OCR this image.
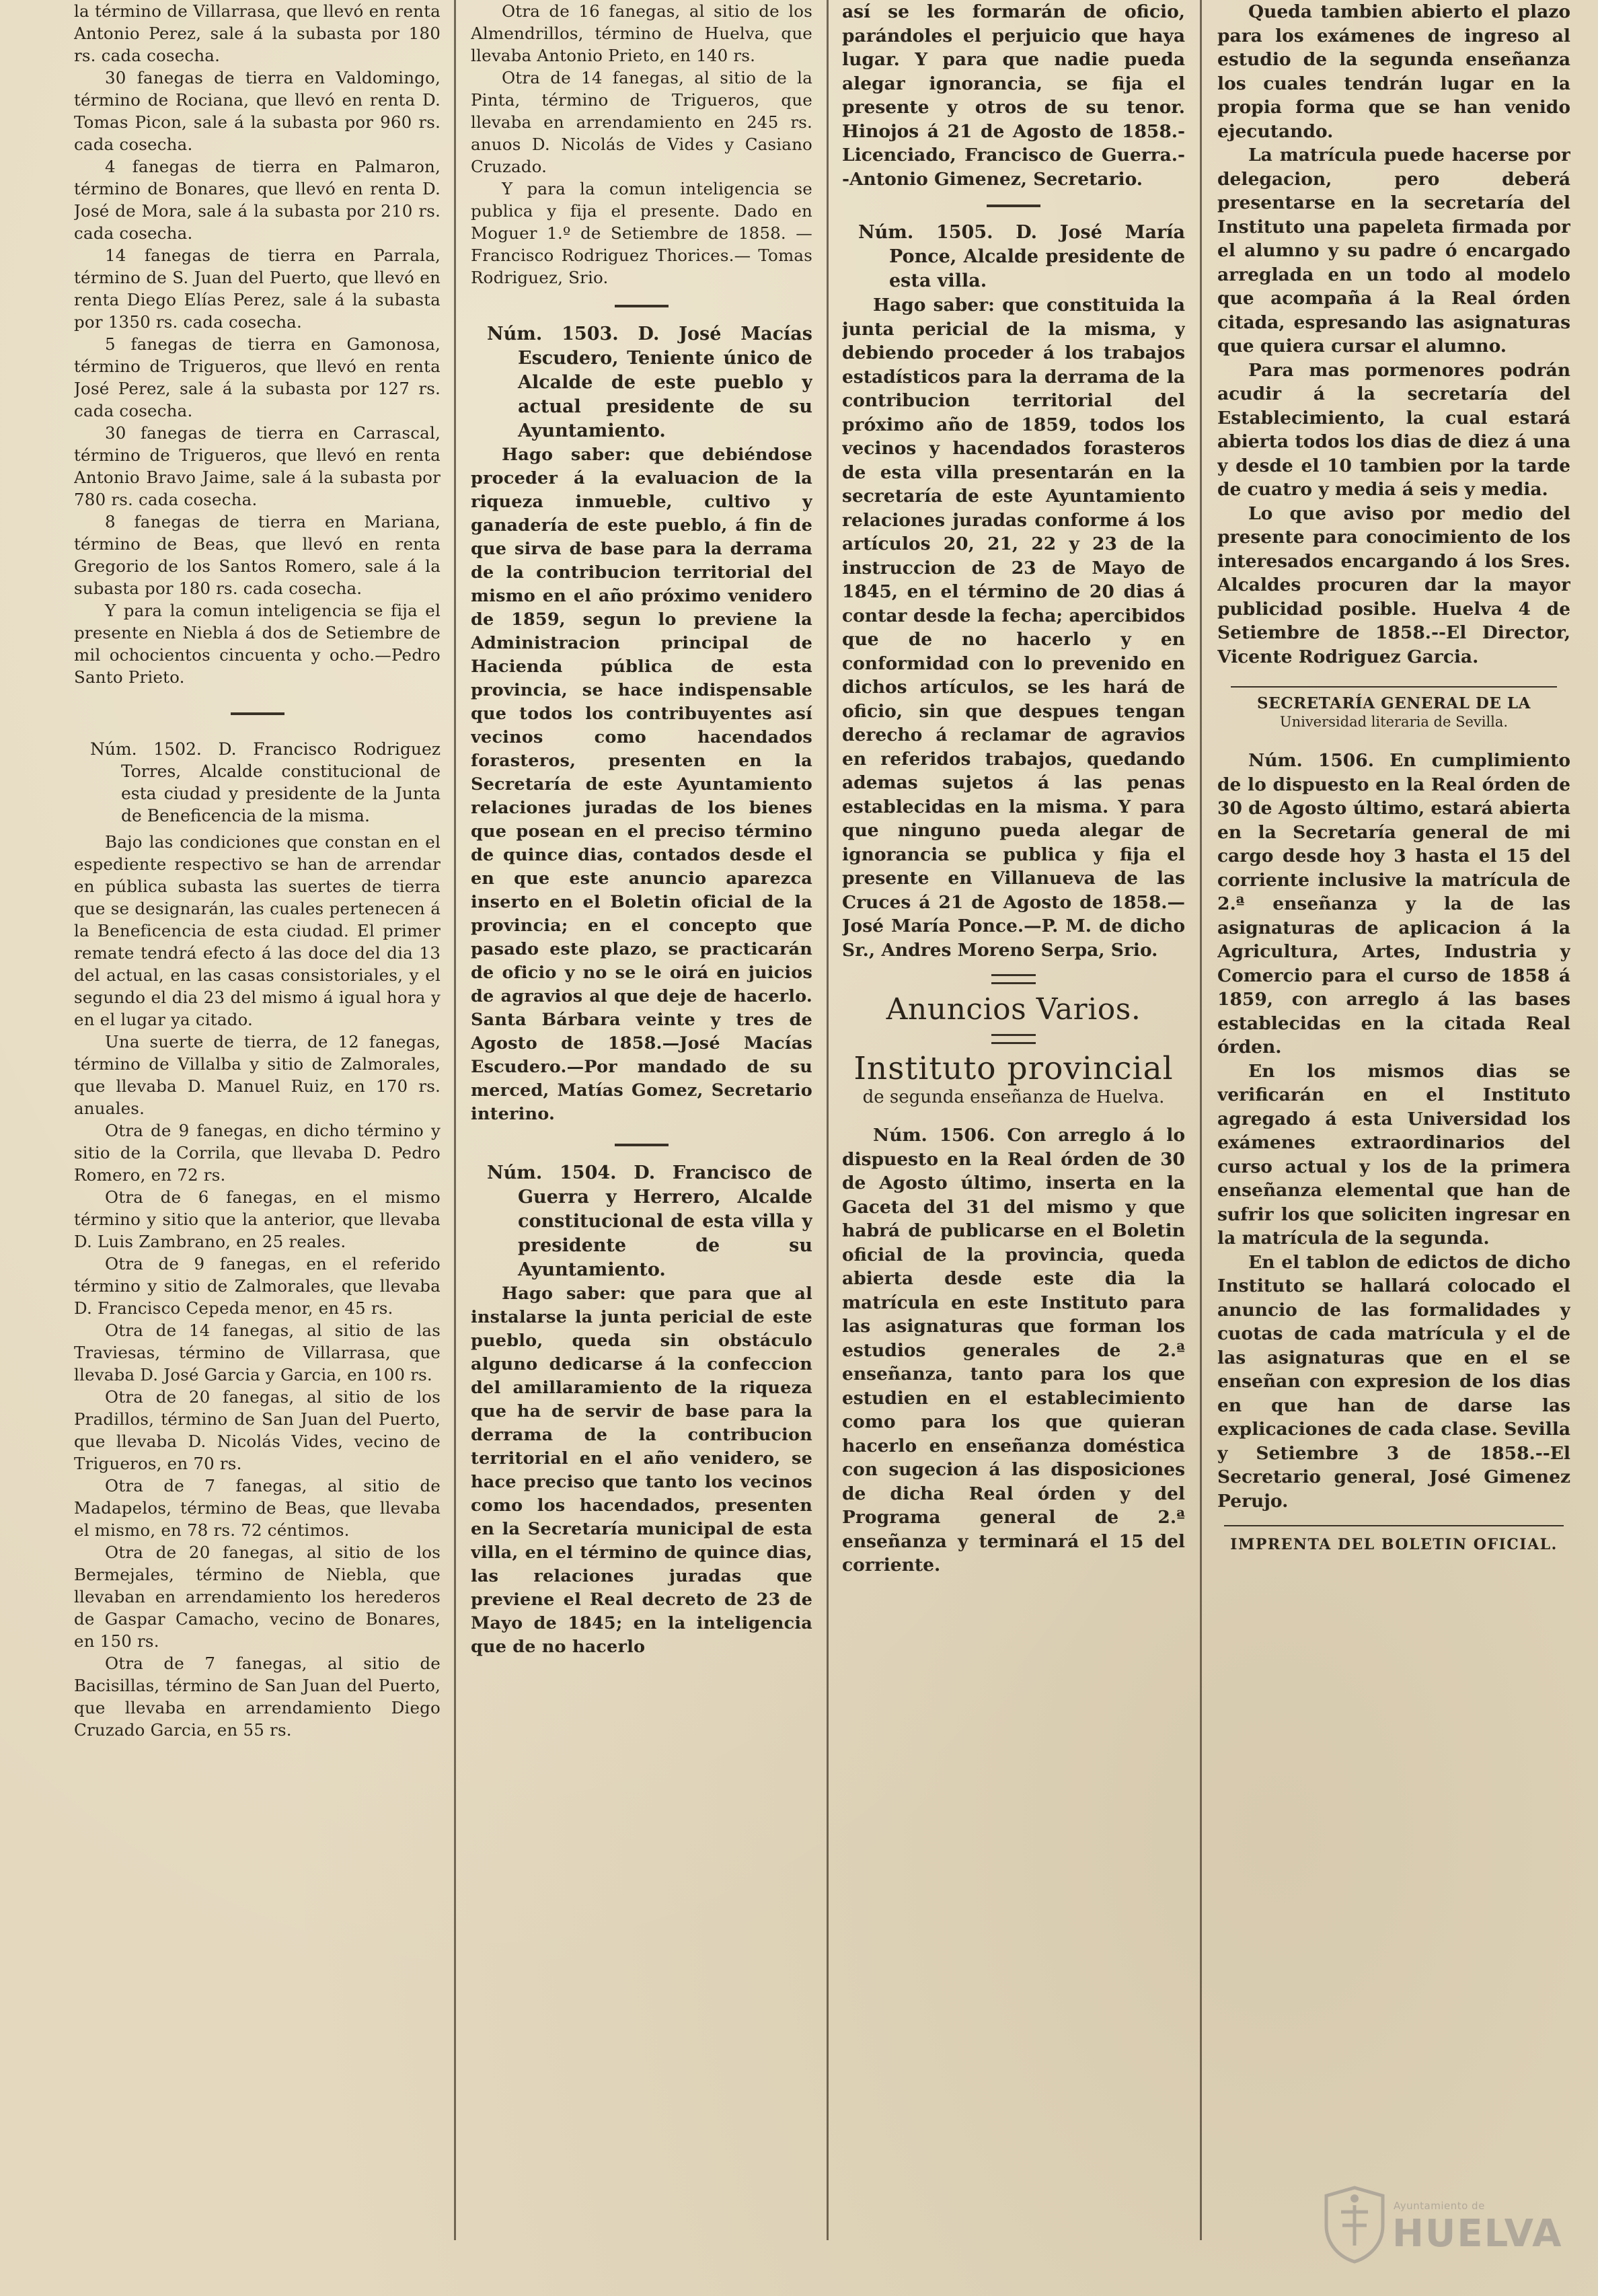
la término de Villarrasa, que llevó en renta Antonio Perez, sale á la subasta por 180 rs. cada cosecha.

30 fanegas de tierra en Valdomingo, término de Rociana, que llevó en renta D. Tomas Picon, sale á la subasta por 960 rs. cada cosecha.

4 fanegas de tierra en Palmaron, término de Bonares, que llevó en renta D. José de Mora, sale á la subasta por 210 rs. cada cosecha.

14 fanegas de tierra en Parrala, término de S. Juan del Puerto, que llevó en renta Diego Elías Perez, sale á la subasta por 1350 rs. cada cosecha.

5 fanegas de tierra en Gamonosa, término de Trigueros, que llevó en renta José Perez, sale á la subasta por 127 rs. cada cosecha.

30 fanegas de tierra en Carrascal, término de Trigueros, que llevó en renta Antonio Bravo Jaime, sale á la subasta por 780 rs. cada cosecha.

8 fanegas de tierra en Mariana, término de Beas, que llevó en renta Gregorio de los Santos Romero, sale á la subasta por 180 rs. cada cosecha.

Y para la comun inteligencia se fija el presente en Niebla á dos de Setiembre de mil ochocientos cincuenta y ocho.—Pedro Santo Prieto.

Núm. 1502. D. Francisco Rodriguez Torres, Alcalde constitucional de esta ciudad y presidente de la Junta de Beneficencia de la misma.

Bajo las condiciones que constan en el espediente respectivo se han de arrendar en pública subasta las suertes de tierra que se designarán, las cuales pertenecen á la Beneficencia de esta ciudad. El primer remate tendrá efecto á las doce del dia 13 del actual, en las casas consistoriales, y el segundo el dia 23 del mismo á igual hora y en el lugar ya citado.

Una suerte de tierra, de 12 fanegas, término de Villalba y sitio de Zalmorales, que llevaba D. Manuel Ruiz, en 170 rs. anuales.

Otra de 9 fanegas, en dicho término y sitio de la Corrila, que llevaba D. Pedro Romero, en 72 rs.

Otra de 6 fanegas, en el mismo término y sitio que la anterior, que llevaba D. Luis Zambrano, en 25 reales.

Otra de 9 fanegas, en el referido término y sitio de Zalmorales, que llevaba D. Francisco Cepeda menor, en 45 rs.

Otra de 14 fanegas, al sitio de las Traviesas, término de Villarrasa, que llevaba D. José Garcia y Garcia, en 100 rs.

Otra de 20 fanegas, al sitio de los Pradillos, término de San Juan del Puerto, que llevaba D. Nicolás Vides, vecino de Trigueros, en 70 rs.

Otra de 7 fanegas, al sitio de Madapelos, término de Beas, que llevaba el mismo, en 78 rs. 72 céntimos.

Otra de 20 fanegas, al sitio de los Bermejales, término de Niebla, que llevaban en arrendamiento los herederos de Gaspar Camacho, vecino de Bonares, en 150 rs.

Otra de 7 fanegas, al sitio de Bacisillas, término de San Juan del Puerto, que llevaba en arrendamiento Diego Cruzado Garcia, en 55 rs.

Otra de 16 fanegas, al sitio de los Almendrillos, término de Huelva, que llevaba Antonio Prieto, en 140 rs.

Otra de 14 fanegas, al sitio de la Pinta, término de Trigueros, que llevaba en arrendamiento en 245 rs. anuos D. Nicolás de Vides y Casiano Cruzado.

Y para la comun inteligencia se publica y fija el presente. Dado en Moguer 1.º de Setiembre de 1858. —Francisco Rodriguez Thorices.— Tomas Rodriguez, Srio.

Núm. 1503. D. José Macías Escudero, Teniente único de Alcalde de este pueblo y actual presidente de su Ayuntamiento.

Hago saber: que debiéndose proceder á la evaluacion de la riqueza inmueble, cultivo y ganadería de este pueblo, á fin de que sirva de base para la derrama de la contribucion territorial del mismo en el año próximo venidero de 1859, segun lo previene la Administracion principal de Hacienda pública de esta provincia, se hace indispensable que todos los contribuyentes así vecinos como hacendados forasteros, presenten en la Secretaría de este Ayuntamiento relaciones juradas de los bienes que posean en el preciso término de quince dias, contados desde el en que este anuncio aparezca inserto en el Boletin oficial de la provincia; en el concepto que pasado este plazo, se practicarán de oficio y no se le oirá en juicios de agravios al que deje de hacerlo. Santa Bárbara veinte y tres de Agosto de 1858.—José Macías Escudero.—Por mandado de su merced, Matías Gomez, Secretario interino.

Núm. 1504. D. Francisco de Guerra y Herrero, Alcalde constitucional de esta villa y presidente de su Ayuntamiento.

Hago saber: que para que al instalarse la junta pericial de este pueblo, queda sin obstáculo alguno dedicarse á la confeccion del amillaramiento de la riqueza que ha de servir de base para la derrama de la contribucion territorial en el año venidero, se hace preciso que tanto los vecinos como los hacendados, presenten en la Secretaría municipal de esta villa, en el término de quince dias, las relaciones juradas que previene el Real decreto de 23 de Mayo de 1845; en la inteligencia que de no hacerlo

así se les formarán de oficio, parándoles el perjuicio que haya lugar. Y para que nadie pueda alegar ignorancia, se fija el presente y otros de su tenor. Hinojos á 21 de Agosto de 1858.-Licenciado, Francisco de Guerra.--Antonio Gimenez, Secretario.

Núm. 1505. D. José María Ponce, Alcalde presidente de esta villa.

Hago saber: que constituida la junta pericial de la misma, y debiendo proceder á los trabajos estadísticos para la derrama de la contribucion territorial del próximo año de 1859, todos los vecinos y hacendados forasteros de esta villa presentarán en la secretaría de este Ayuntamiento relaciones juradas conforme á los artículos 20, 21, 22 y 23 de la instruccion de 23 de Mayo de 1845, en el término de 20 dias á contar desde la fecha; apercibidos que de no hacerlo y en conformidad con lo prevenido en dichos artículos, se les hará de oficio, sin que despues tengan derecho á reclamar de agravios en referidos trabajos, quedando ademas sujetos á las penas establecidas en la misma. Y para que ninguno pueda alegar de ignorancia se publica y fija el presente en Villanueva de las Cruces á 21 de Agosto de 1858.—José María Ponce.—P. M. de dicho Sr., Andres Moreno Serpa, Srio.

Anuncios Varios.
Instituto provincial
de segunda enseñanza de Huelva.

Núm. 1506. Con arreglo á lo dispuesto en la Real órden de 30 de Agosto último, inserta en la Gaceta del 31 del mismo y que habrá de publicarse en el Boletin oficial de la provincia, queda abierta desde este dia la matrícula en este Instituto para las asignaturas que forman los estudios generales de 2.ª enseñanza, tanto para los que estudien en el establecimiento como para los que quieran hacerlo en enseñanza doméstica con sugecion á las disposiciones de dicha Real órden y del Programa general de 2.ª enseñanza y terminará el 15 del corriente.

Queda tambien abierto el plazo para los exámenes de ingreso al estudio de la segunda enseñanza los cuales tendrán lugar en la propia forma que se han venido ejecutando.

La matrícula puede hacerse por delegacion, pero deberá presentarse en la secretaría del Instituto una papeleta firmada por el alumno y su padre ó encargado arreglada en un todo al modelo que acompaña á la Real órden citada, espresando las asignaturas que quiera cursar el alumno.

Para mas pormenores podrán acudir á la secretaría del Establecimiento, la cual estará abierta todos los dias de diez á una y desde el 10 tambien por la tarde de cuatro y media á seis y media.

Lo que aviso por medio del presente para conocimiento de los interesados encargando á los Sres. Alcaldes procuren dar la mayor publicidad posible. Huelva 4 de Setiembre de 1858.--El Director, Vicente Rodriguez Garcia.

SECRETARÍA GENERAL DE LA
Universidad literaria de Sevilla.

Núm. 1506. En cumplimiento de lo dispuesto en la Real órden de 30 de Agosto último, estará abierta en la Secretaría general de mi cargo desde hoy 3 hasta el 15 del corriente inclusive la matrícula de 2.ª enseñanza y la de las asignaturas de aplicacion á la Agricultura, Artes, Industria y Comercio para el curso de 1858 á 1859, con arreglo á las bases establecidas en la citada Real órden.

En los mismos dias se verificarán en el Instituto agregado á esta Universidad los exámenes extraordinarios del curso actual y los de la primera enseñanza elemental que han de sufrir los que soliciten ingresar en la matrícula de la segunda.

En el tablon de edictos de dicho Instituto se hallará colocado el anuncio de las formalidades y cuotas de cada matrícula y el de las asignaturas que en el se enseñan con expresion de los dias en que han de darse las explicaciones de cada clase. Sevilla y Setiembre 3 de 1858.--El Secretario general, José Gimenez Perujo.

IMPRENTA DEL BOLETIN OFICIAL.
Ayuntamiento de
HUELVA
